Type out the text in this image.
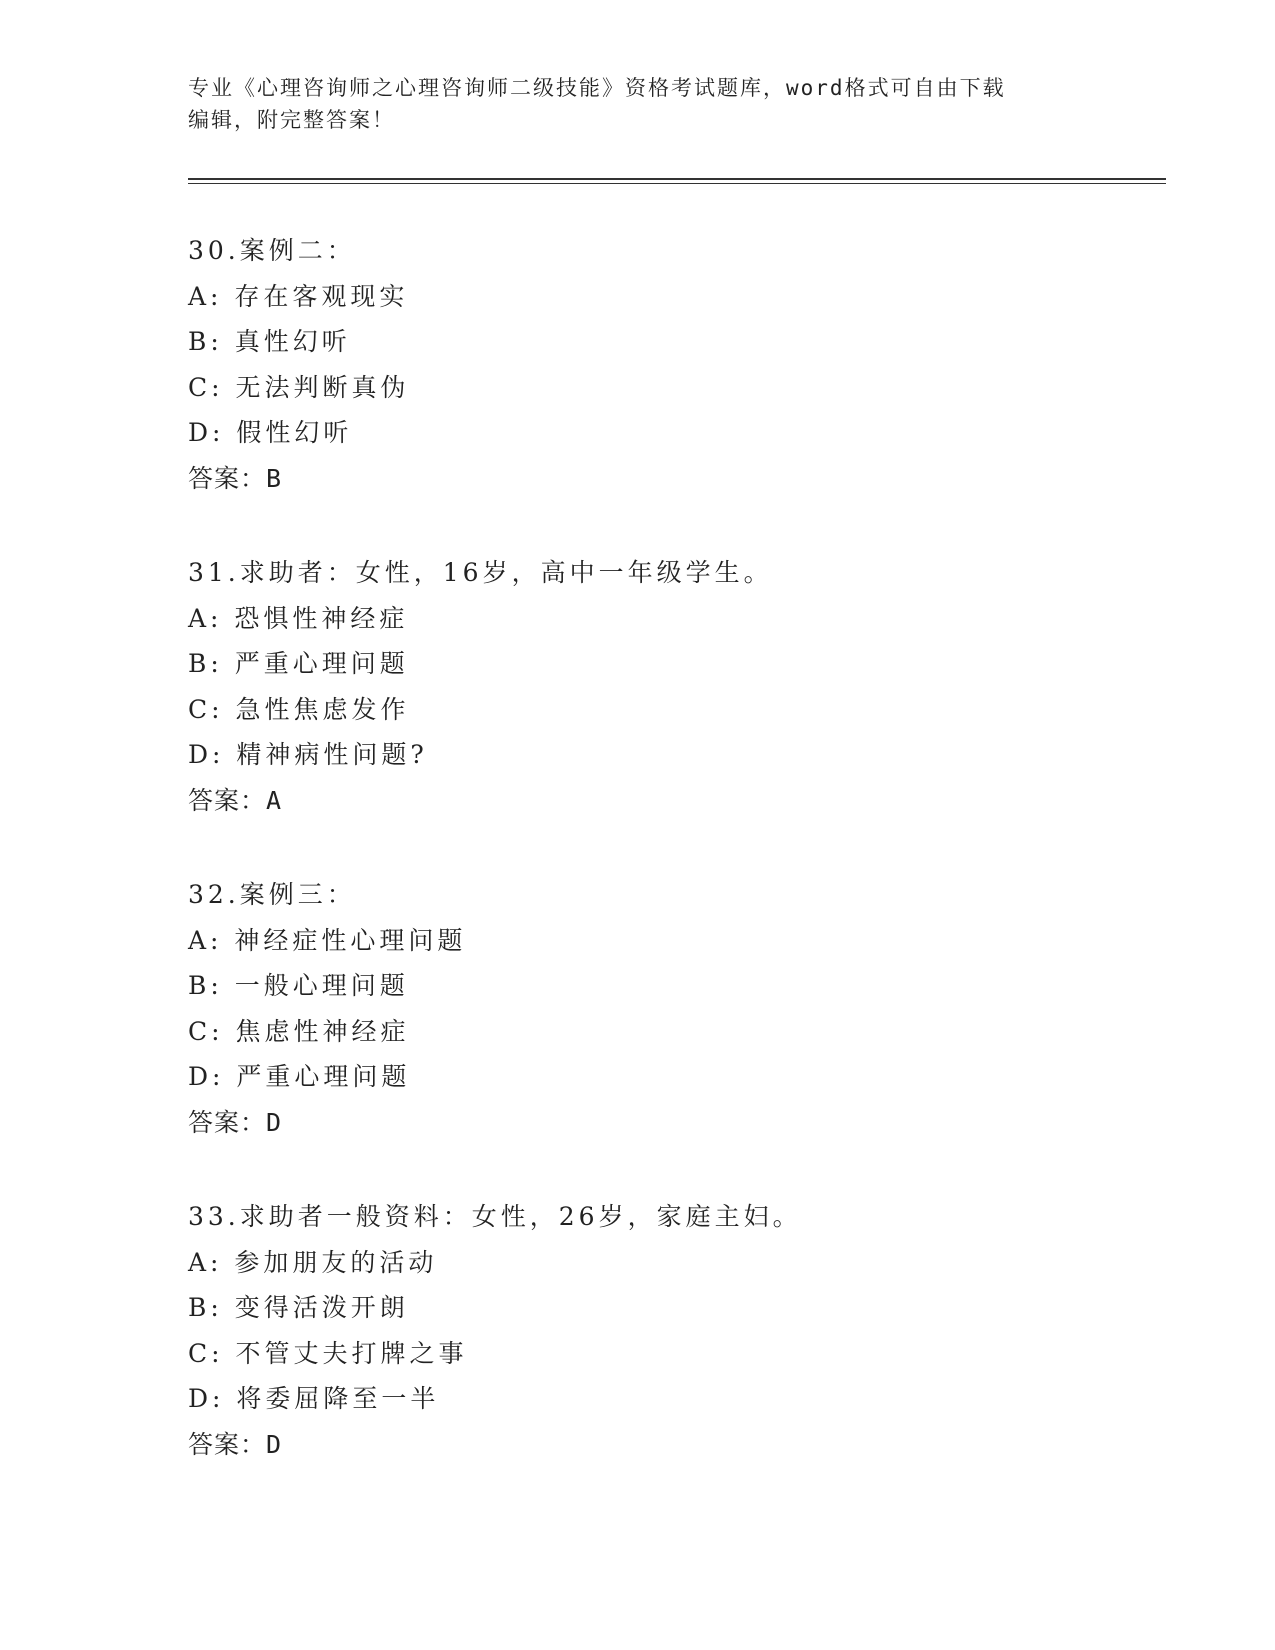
专业《心理咨询师之心理咨询师二级技能》资格考试题库，word格式可自由下载
编辑，附完整答案！
30.案例二：
A: 存在客观现实
B: 真性幻听
C: 无法判断真伪
D: 假性幻听
答案：B
31.求助者：女性，16岁，高中一年级学生。
A: 恐惧性神经症
B: 严重心理问题
C: 急性焦虑发作
D: 精神病性问题?
答案：A
32.案例三：
A: 神经症性心理问题
B: 一般心理问题
C: 焦虑性神经症
D: 严重心理问题
答案：D
33.求助者一般资料：女性，26岁，家庭主妇。
A: 参加朋友的活动
B: 变得活泼开朗
C: 不管丈夫打牌之事
D: 将委屈降至一半
答案：D
